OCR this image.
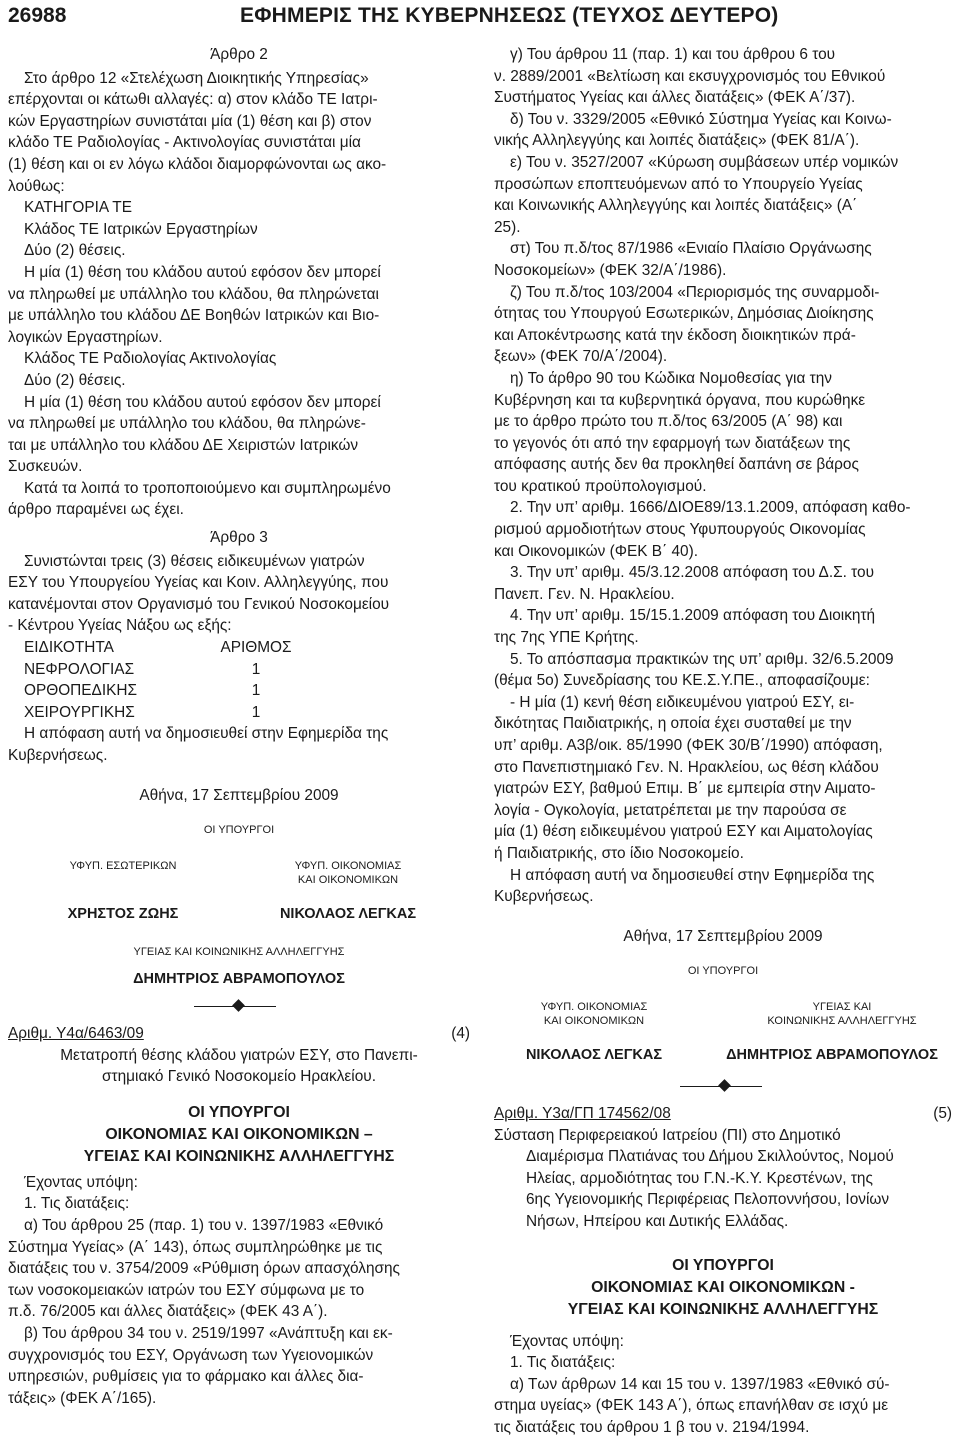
26988	ΕΦΗΜΕΡΙΣ ΤΗΣ ΚΥΒΕΡΝΗΣΕΩΣ (ΤΕΥΧΟΣ ΔΕΥΤΕΡΟ)

Άρθρο 2

Στο άρθρο 12 «Στελέχωση Διοικητικής Υπηρεσίας»

επέρχονται οι κάτωθι αλλαγές: α) στον κλάδο ΤΕ Ιατρι-

κών Εργαστηρίων συνιστάται μία (1) θέση και β) στον

κλάδο ΤΕ Ραδιολογίας - Ακτινολογίας συνιστάται μία

(1) θέση και οι εν λόγω κλάδοι διαμορφώνονται ως ακο-

λούθως:

ΚΑΤΗΓΟΡΙΑ ΤΕ

Κλάδος ΤΕ Ιατρικών Εργαστηρίων

Δύο (2) θέσεις.

Η μία (1) θέση του κλάδου αυτού εφόσον δεν μπορεί

να πληρωθεί με υπάλληλο του κλάδου, θα πληρώνεται

με υπάλληλο του κλάδου ΔΕ Βοηθών Ιατρικών και Βιο-

λογικών Εργαστηρίων.

Κλάδος ΤΕ Ραδιολογίας Ακτινολογίας

Δύο (2) θέσεις.

Η μία (1) θέση του κλάδου αυτού εφόσον δεν μπορεί

να πληρωθεί με υπάλληλο του κλάδου, θα πληρώνε-

ται με υπάλληλο του κλάδου ΔΕ Χειριστών Ιατρικών

Συσκευών.

Κατά τα λοιπά το τροποποιούμενο και συμπληρωμένο

άρθρο παραμένει ως έχει.

Άρθρο 3

Συνιστώνται τρεις (3) θέσεις ειδικευμένων γιατρών

ΕΣΥ του Υπουργείου Υγείας και Κοιν. Αλληλεγγύης, που

κατανέμονται στον Οργανισμό του Γενικού Νοσοκομείου

- Κέντρου Υγείας Νάξου ως εξής:

ΕΙΔΙΚΟΤΗΤΑ	ΑΡΙΘΜΟΣ
ΝΕΦΡΟΛΟΓΙΑΣ	1
ΟΡΘΟΠΕΔΙΚΗΣ	1
ΧΕΙΡΟΥΡΓΙΚΗΣ	1

Η απόφαση αυτή να δημοσιευθεί στην Εφημερίδα της

Κυβερνήσεως.

Αθήνα, 17 Σεπτεμβρίου 2009
ΟΙ ΥΠΟΥΡΓΟΙ
ΥΦΥΠ. ΕΣΩΤΕΡΙΚΩΝ	ΥΦΥΠ. ΟΙΚΟΝΟΜΙΑΣ
ΚΑΙ ΟΙΚΟΝΟΜΙΚΩΝ
ΧΡΗΣΤΟΣ ΖΩΗΣ	ΝΙΚΟΛΑΟΣ ΛΕΓΚΑΣ
ΥΓΕΙΑΣ ΚΑΙ ΚΟΙΝΩΝΙΚΗΣ ΑΛΛΗΛΕΓΓΥΗΣ
ΔΗΜΗΤΡΙΟΣ ΑΒΡΑΜΟΠΟΥΛΟΣ
Αριθμ. Υ4α/6463/09	(4)

Μετατροπή θέσης κλάδου γιατρών ΕΣΥ, στο Πανεπι-

στημιακό Γενικό Νοσοκομείο Ηρακλείου.

ΟΙ ΥΠΟΥΡΓΟΙ
ΟΙΚΟΝΟΜΙΑΣ ΚΑΙ ΟΙΚΟΝΟΜΙΚΩΝ –
ΥΓΕΙΑΣ ΚΑΙ ΚΟΙΝΩΝΙΚΗΣ ΑΛΛΗΛΕΓΓΥΗΣ

Έχοντας υπόψη:

1. Τις διατάξεις:

α) Του άρθρου 25 (παρ. 1) του ν. 1397/1983 «Εθνικό

Σύστημα Υγείας» (Α΄ 143), όπως συμπληρώθηκε με τις

διατάξεις του ν. 3754/2009 «Ρύθμιση όρων απασχόλησης

των νοσοκομειακών ιατρών του ΕΣΥ σύμφωνα με το

π.δ. 76/2005 και άλλες διατάξεις» (ΦΕΚ 43 Α΄).

β) Του άρθρου 34 του ν. 2519/1997 «Ανάπτυξη και εκ-

συγχρονισμός του ΕΣΥ, Οργάνωση των Υγειονομικών

υπηρεσιών, ρυθμίσεις για το φάρμακο και άλλες δια-

τάξεις» (ΦΕΚ Α΄/165).

γ) Του άρθρου 11 (παρ. 1) και του άρθρου 6 του

ν. 2889/2001 «Βελτίωση και εκσυγχρονισμός του Εθνικού

Συστήματος Υγείας και άλλες διατάξεις» (ΦΕΚ Α΄/37).

δ) Του ν. 3329/2005 «Εθνικό Σύστημα Υγείας και Κοινω-

νικής Αλληλεγγύης και λοιπές διατάξεις» (ΦΕΚ 81/Α΄).

ε) Του ν. 3527/2007 «Κύρωση συμβάσεων υπέρ νομικών

προσώπων εποπτευόμενων από το Υπουργείο Υγείας

και Κοινωνικής Αλληλεγγύης και λοιπές διατάξεις» (Α΄

25).

στ) Του π.δ/τος 87/1986 «Ενιαίο Πλαίσιο Οργάνωσης

Νοσοκομείων» (ΦΕΚ 32/Α΄/1986).

ζ) Του π.δ/τος 103/2004 «Περιορισμός της συναρμοδι-

ότητας του Υπουργού Εσωτερικών, Δημόσιας Διοίκησης

και Αποκέντρωσης κατά την έκδοση διοικητικών πρά-

ξεων» (ΦΕΚ 70/Α΄/2004).

η) Το άρθρο 90 του Κώδικα Νομοθεσίας για την

Κυβέρνηση και τα κυβερνητικά όργανα, που κυρώθηκε

με το άρθρο πρώτο του π.δ/τος 63/2005 (Α΄ 98) και

το γεγονός ότι από την εφαρμογή των διατάξεων της

απόφασης αυτής δεν θα προκληθεί δαπάνη σε βάρος

του κρατικού προϋπολογισμού.

2. Την υπ’ αριθμ. 1666/ΔΙΟΕ89/13.1.2009, απόφαση καθο-

ρισμού αρμοδιοτήτων στους Υφυπουργούς Οικονομίας

και Οικονομικών (ΦΕΚ Β΄ 40).

3. Την υπ’ αριθμ. 45/3.12.2008 απόφαση του Δ.Σ. του

Πανεπ. Γεν. Ν. Ηρακλείου.

4. Την υπ’ αριθμ. 15/15.1.2009 απόφαση του Διοικητή

της 7ης ΥΠΕ Κρήτης.

5. Το απόσπασμα πρακτικών της υπ’ αριθμ. 32/6.5.2009

(θέμα 5ο) Συνεδρίασης του ΚΕ.Σ.Υ.ΠΕ., αποφασίζουμε:

- Η μία (1) κενή θέση ειδικευμένου γιατρού ΕΣΥ, ει-

δικότητας Παιδιατρικής, η οποία έχει συσταθεί με την

υπ’ αριθμ. Α3β/οικ. 85/1990 (ΦΕΚ 30/Β΄/1990) απόφαση,

στο Πανεπιστημιακό Γεν. Ν. Ηρακλείου, ως θέση κλάδου

γιατρών ΕΣΥ, βαθμού Επιμ. Β΄ με εμπειρία στην Αιματο-

λογία - Ογκολογία, μετατρέπεται με την παρούσα σε

μία (1) θέση ειδικευμένου γιατρού ΕΣΥ και Αιματολογίας

ή Παιδιατρικής, στο ίδιο Νοσοκομείο.

Η απόφαση αυτή να δημοσιευθεί στην Εφημερίδα της

Κυβερνήσεως.

Αθήνα, 17 Σεπτεμβρίου 2009
ΟΙ ΥΠΟΥΡΓΟΙ
ΥΦΥΠ. ΟΙΚΟΝΟΜΙΑΣ
ΚΑΙ ΟΙΚΟΝΟΜΙΚΩΝ
ΥΓΕΙΑΣ ΚΑΙ
ΚΟΙΝΩΝΙΚΗΣ ΑΛΛΗΛΕΓΓΥΗΣ
ΝΙΚΟΛΑΟΣ ΛΕΓΚΑΣ	ΔΗΜΗΤΡΙΟΣ ΑΒΡΑΜΟΠΟΥΛΟΣ
Αριθμ. Υ3α/ΓΠ 174562/08	(5)

Σύσταση Περιφερειακού Ιατρείου (ΠΙ) στο Δημοτικό

Διαμέρισμα Πλατιάνας του Δήμου Σκιλλούντος, Νομού

Ηλείας, αρμοδιότητας του Γ.Ν.-Κ.Υ. Κρεστένων, της

6ης Υγειονομικής Περιφέρειας Πελοποννήσου, Ιονίων

Νήσων, Ηπείρου και Δυτικής Ελλάδας.

ΟΙ ΥΠΟΥΡΓΟΙ
ΟΙΚΟΝΟΜΙΑΣ ΚΑΙ ΟΙΚΟΝΟΜΙΚΩΝ -
ΥΓΕΙΑΣ ΚΑΙ ΚΟΙΝΩΝΙΚΗΣ ΑΛΛΗΛΕΓΓΥΗΣ

Έχοντας υπόψη:

1. Τις διατάξεις:

α) Των άρθρων 14 και 15 του ν. 1397/1983 «Εθνικό σύ-

στημα υγείας» (ΦΕΚ 143 Α΄), όπως επανήλθαν σε ισχύ με

τις διατάξεις του άρθρου 1 β του ν. 2194/1994.
